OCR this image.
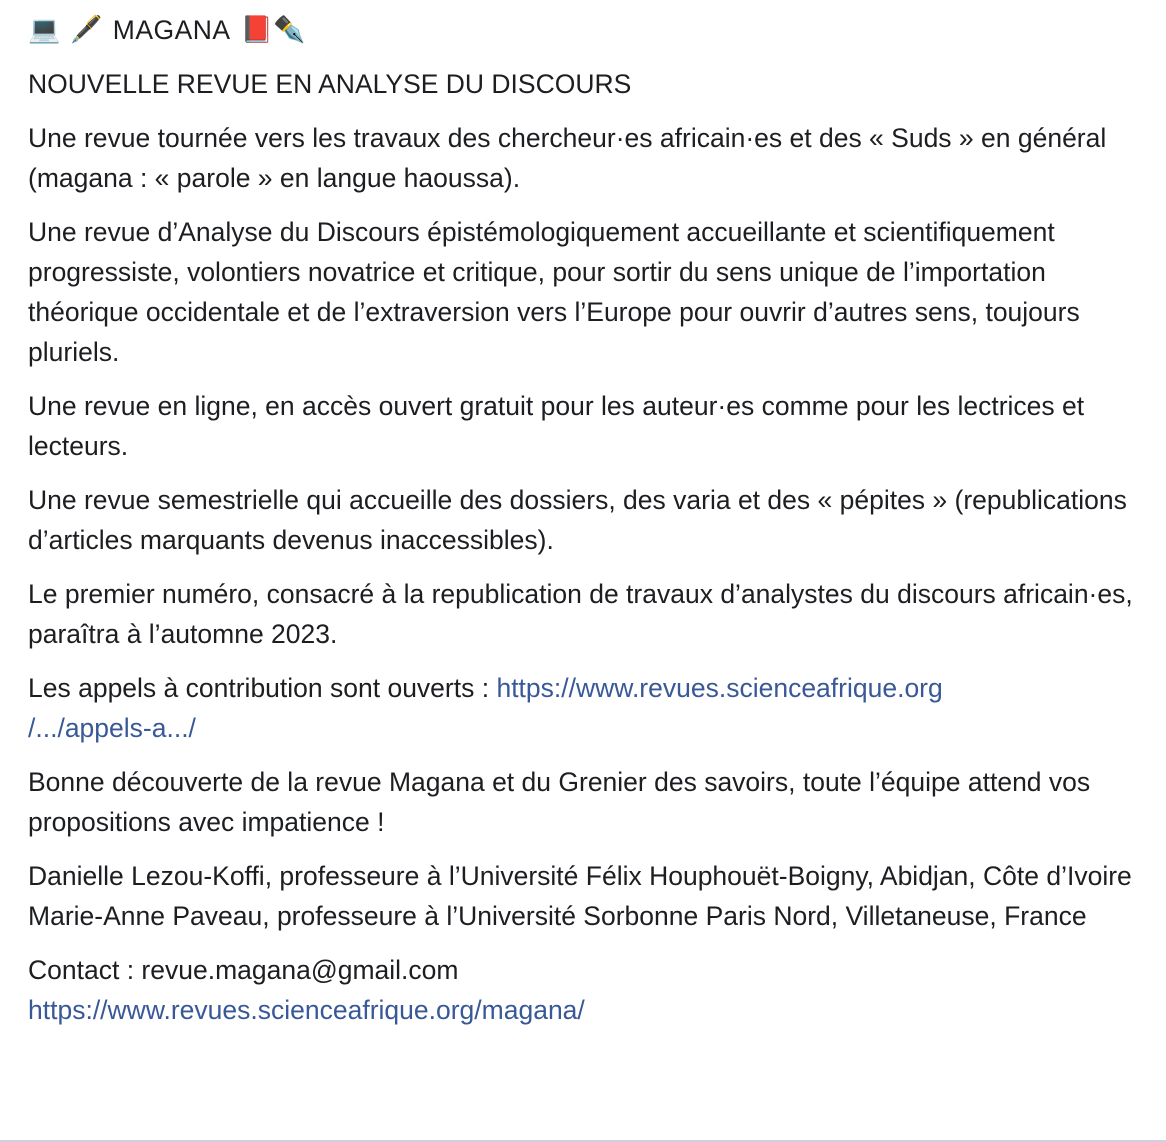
💻 🖋️ MAGANA 📕 ✒️

NOUVELLE REVUE EN ANALYSE DU DISCOURS

Une revue tournée vers les travaux des chercheur·es africain·es et des « Suds » en général (magana : « parole » en langue haoussa).

Une revue d’Analyse du Discours épistémologiquement accueillante et scientifiquement progressiste, volontiers novatrice et critique, pour sortir du sens unique de l’importation théorique occidentale et de l’extraversion vers l’Europe pour ouvrir d’autres sens, toujours pluriels.

Une revue en ligne, en accès ouvert gratuit pour les auteur·es comme pour les lectrices et lecteurs.

Une revue semestrielle qui accueille des dossiers, des varia et des « pépites » (republications d’articles marquants devenus inaccessibles).

Le premier numéro, consacré à la republication de travaux d’analystes du discours africain·es, paraîtra à l’automne 2023.

Les appels à contribution sont ouverts : https://www.revues.scienceafrique.org
/.../appels-a.../

Bonne découverte de la revue Magana et du Grenier des savoirs, toute l’équipe attend vos propositions avec impatience !

Danielle Lezou-Koffi, professeure à l’Université Félix Houphouët-Boigny, Abidjan, Côte d’Ivoire
Marie-Anne Paveau, professeure à l’Université Sorbonne Paris Nord, Villetaneuse, France

Contact : revue.magana@gmail.com
https://www.revues.scienceafrique.org/magana/
